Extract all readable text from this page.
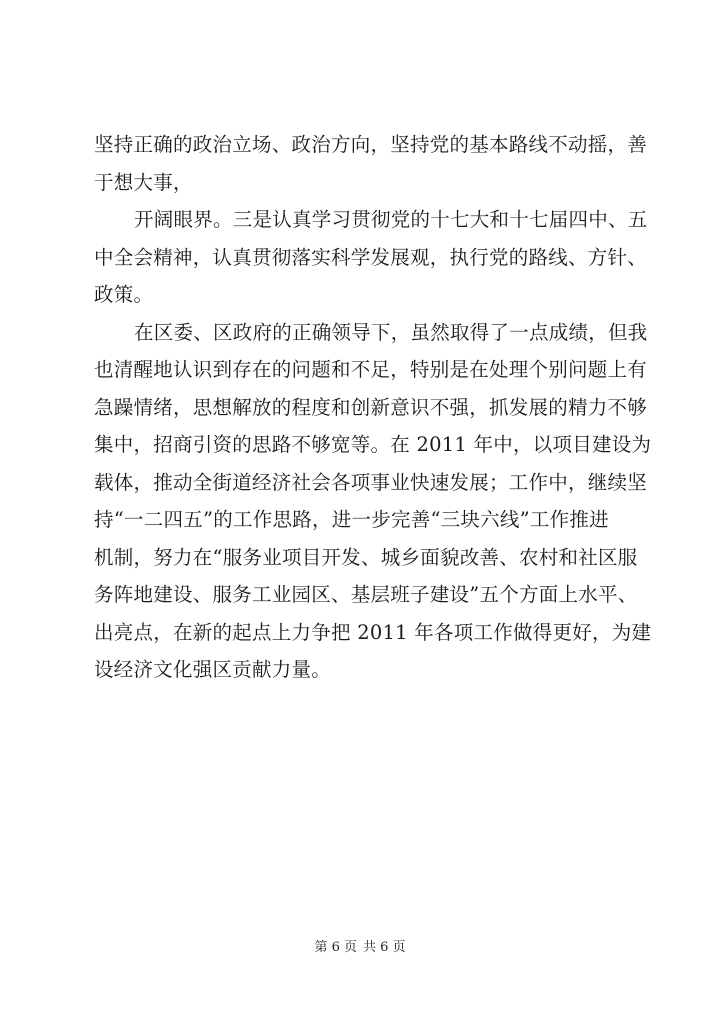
坚持正确的政治立场、政治方向，坚持党的基本路线不动摇，善
于想大事，
开阔眼界。三是认真学习贯彻党的十七大和十七届四中、五
中全会精神，认真贯彻落实科学发展观，执行党的路线、方针、
政策。
在区委、区政府的正确领导下，虽然取得了一点成绩，但我
也清醒地认识到存在的问题和不足，特别是在处理个别问题上有
急躁情绪，思想解放的程度和创新意识不强，抓发展的精力不够
集中，招商引资的思路不够宽等。在 2011 年中，以项目建设为
载体，推动全街道经济社会各项事业快速发展；工作中，继续坚
持“一二四五”的工作思路，进一步完善“三块六线”工作推进
机制，努力在“服务业项目开发、城乡面貌改善、农村和社区服
务阵地建设、服务工业园区、基层班子建设”五个方面上水平、
出亮点，在新的起点上力争把 2011 年各项工作做得更好，为建
设经济文化强区贡献力量。
第 6 页 共 6 页
